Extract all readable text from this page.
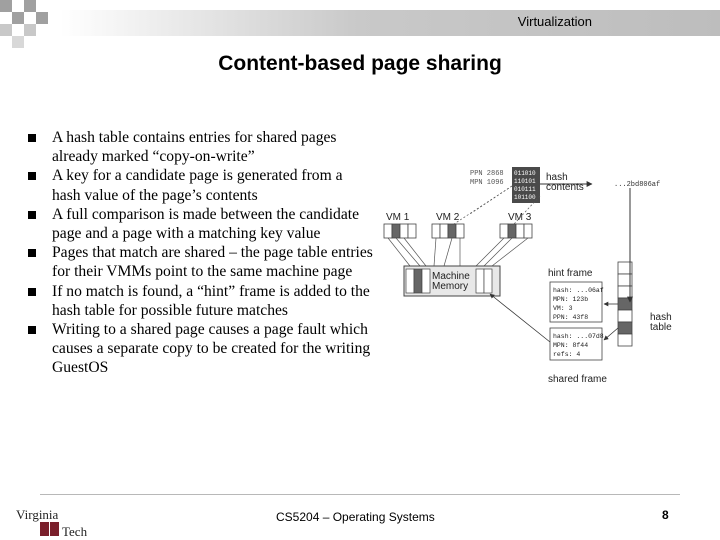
Virtualization
Content-based page sharing
A hash table contains entries for shared pages already marked “copy-on-write”
A key for a candidate page is generated from a hash value of the page’s contents
A full comparison is made between the candidate page and a page with a matching key value
Pages that match are shared – the page table entries for their VMMs point to the same machine page
If no match is found, a “hint” frame is added to the hash table for possible future matches
Writing to a shared page causes a page fault which causes a separate copy to be created for the writing GuestOS
PPN 2868
MPN 1096
011010
110101
010111
101100
hash contents	...2bd806af
VM 1	VM 2	VM 3
Machine Memory
hint frame
hash: ...06af
MPN: 123b
VM: 3
PPN: 43f8
hash: ...07d8
MPN: 8f44
refs: 4
shared frame
hash table
Virginia
Tech
CS5204 – Operating Systems	8
